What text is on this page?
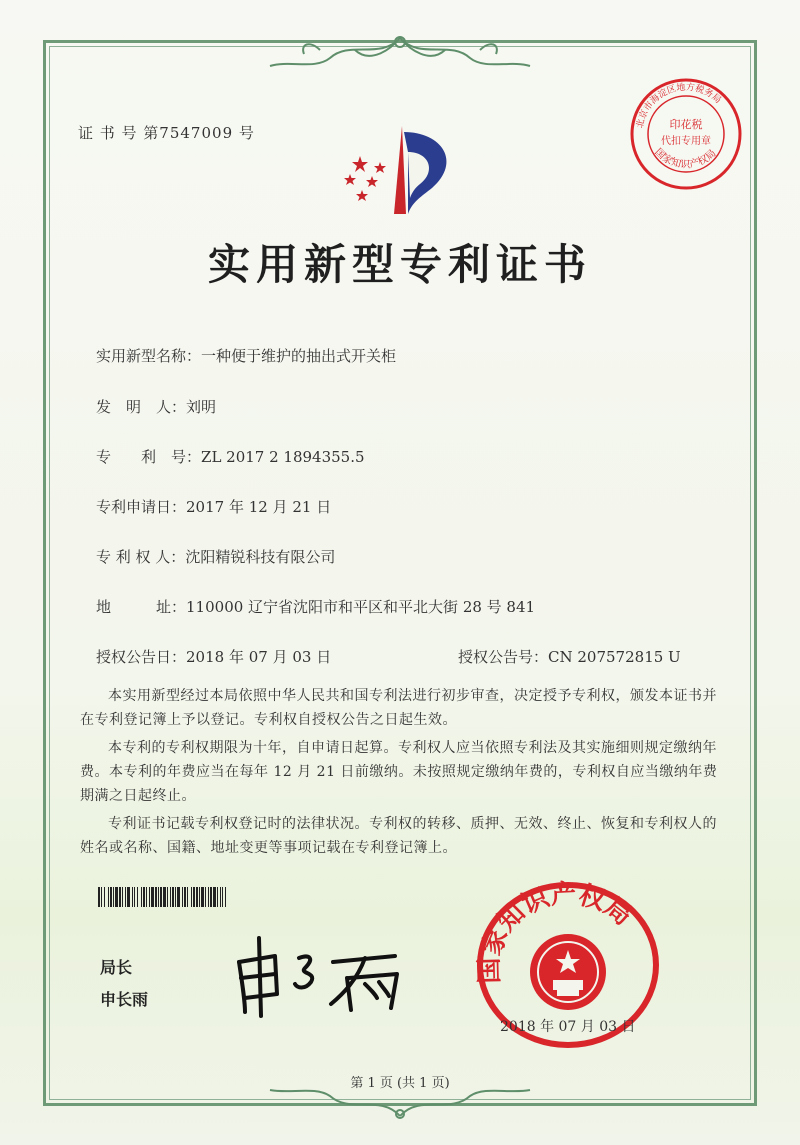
印花税
代扣专用章
北京市海淀区地方税务局
国家知识产权局
证 书 号 第7547009 号
实用新型专利证书
实用新型名称：一种便于维护的抽出式开关柜
发　明　人：刘明
专　　利　号：ZL 2017 2 1894355.5
专利申请日：2017 年 12 月 21 日
专 利 权 人：沈阳精锐科技有限公司
地　　　址：110000 辽宁省沈阳市和平区和平北大街 28 号 841
授权公告日：2018 年 07 月 03 日	授权公告号：CN 207572815 U
本实用新型经过本局依照中华人民共和国专利法进行初步审查，决定授予专利权，颁发本证书并在专利登记簿上予以登记。专利权自授权公告之日起生效。
本专利的专利权期限为十年，自申请日起算。专利权人应当依照专利法及其实施细则规定缴纳年费。本专利的年费应当在每年 12 月 21 日前缴纳。未按照规定缴纳年费的，专利权自应当缴纳年费期满之日起终止。
专利证书记载专利权登记时的法律状况。专利权的转移、质押、无效、终止、恢复和专利权人的姓名或名称、国籍、地址变更等事项记载在专利登记簿上。
局长
申长雨
国家知识产权局
2018 年 07 月 03 日
第 1 页 (共 1 页)
